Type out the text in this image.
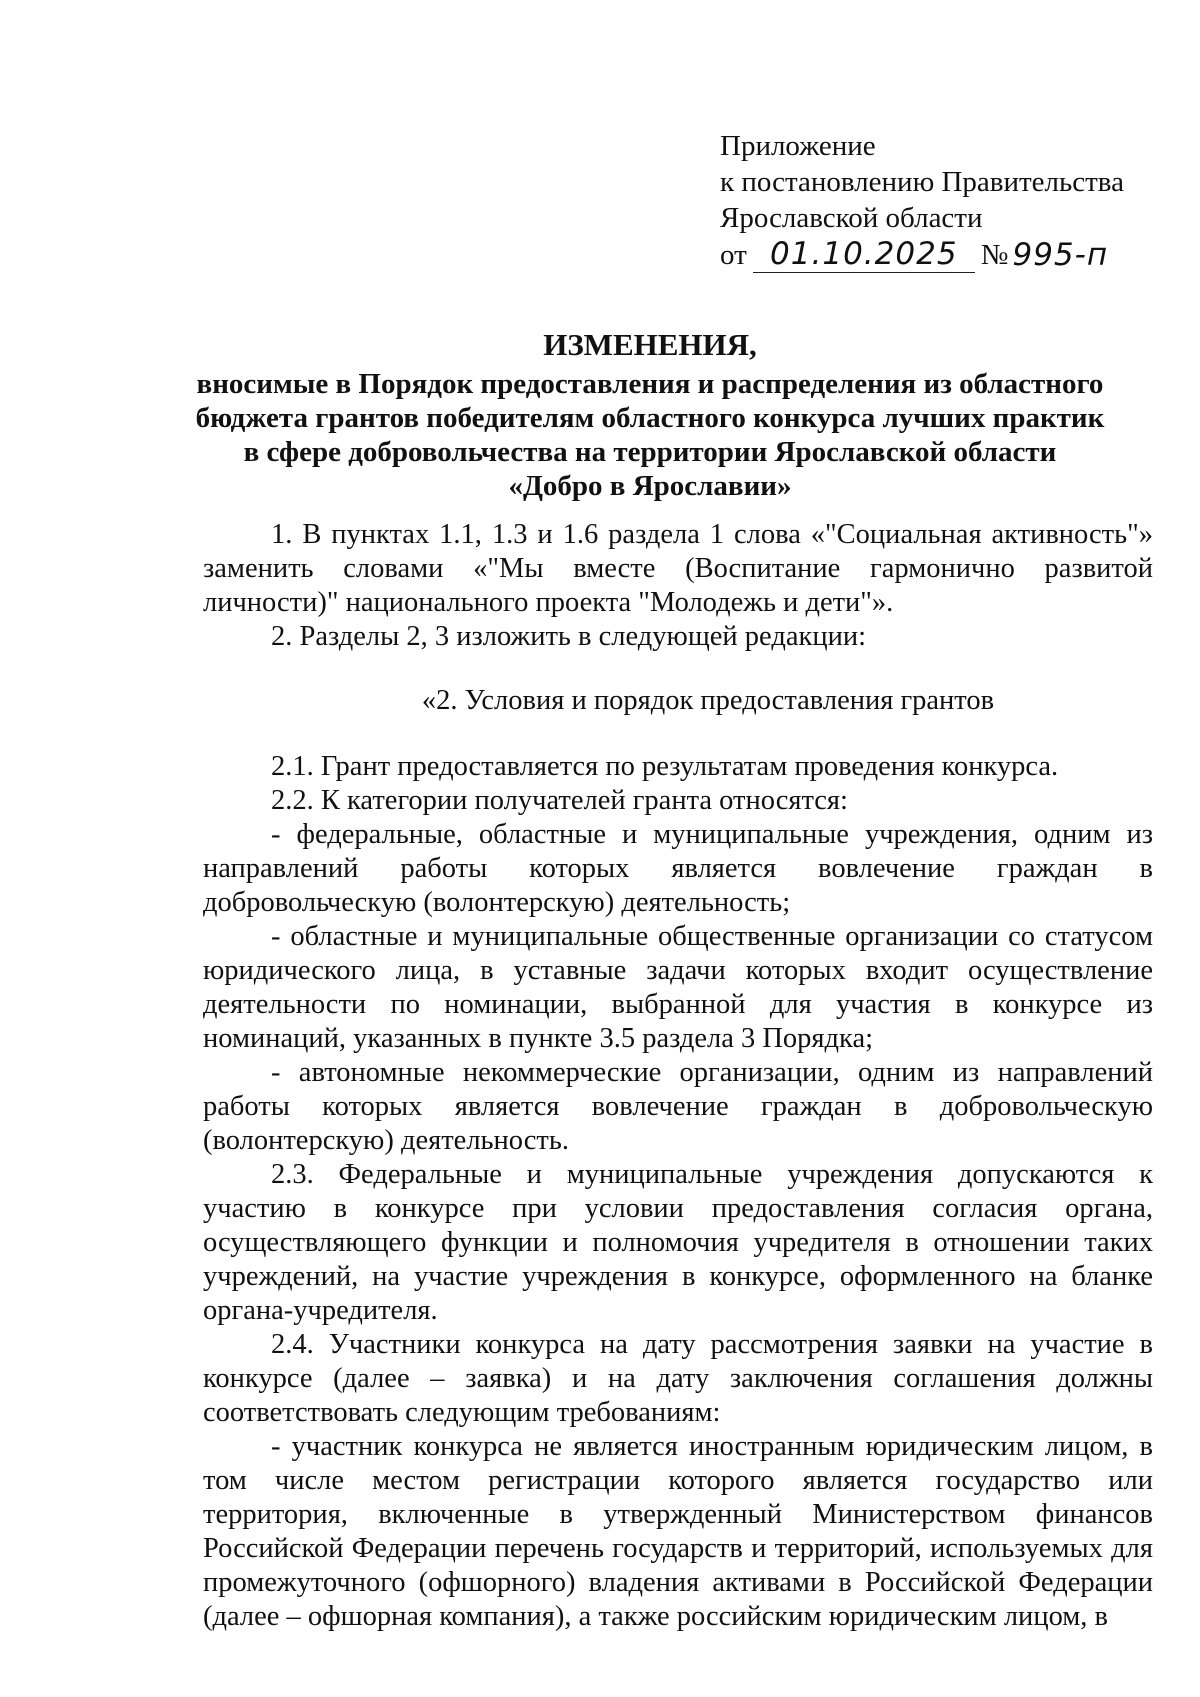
Приложение
к постановлению Правительства
Ярославской области
от 01.10.2025 № 995-п
ИЗМЕНЕНИЯ,
вносимые в Порядок предоставления и распределения из областного
бюджета грантов победителям областного конкурса лучших практик
в сфере добровольчества на территории Ярославской области
«Добро в Ярославии»

1. В пунктах 1.1, 1.3 и 1.6 раздела 1 слова «"Социальная активность"» заменить словами «"Мы вместе (Воспитание гармонично развитой личности)" национального проекта "Молодежь и дети"».

2. Разделы 2, 3 изложить в следующей редакции:

«2. Условия и порядок предоставления грантов

2.1. Грант предоставляется по результатам проведения конкурса.

2.2. К категории получателей гранта относятся:

- федеральные, областные и муниципальные учреждения, одним из направлений работы которых является вовлечение граждан в добровольческую (волонтерскую) деятельность;

- областные и муниципальные общественные организации со статусом юридического лица, в уставные задачи которых входит осуществление деятельности по номинации, выбранной для участия в конкурсе из номинаций, указанных в пункте 3.5 раздела 3 Порядка;

- автономные некоммерческие организации, одним из направлений работы которых является вовлечение граждан в добровольческую (волонтерскую) деятельность.

2.3. Федеральные и муниципальные учреждения допускаются к участию в конкурсе при условии предоставления согласия органа, осуществляющего функции и полномочия учредителя в отношении таких учреждений, на участие учреждения в конкурсе, оформленного на бланке органа-учредителя.

2.4. Участники конкурса на дату рассмотрения заявки на участие в конкурсе (далее – заявка) и на дату заключения соглашения должны соответствовать следующим требованиям:

- участник конкурса не является иностранным юридическим лицом, в том числе местом регистрации которого является государство или территория, включенные в утвержденный Министерством финансов Российской Федерации перечень государств и территорий, используемых для промежуточного (офшорного) владения активами в Российской Федерации (далее – офшорная компания), а также российским юридическим лицом, в
